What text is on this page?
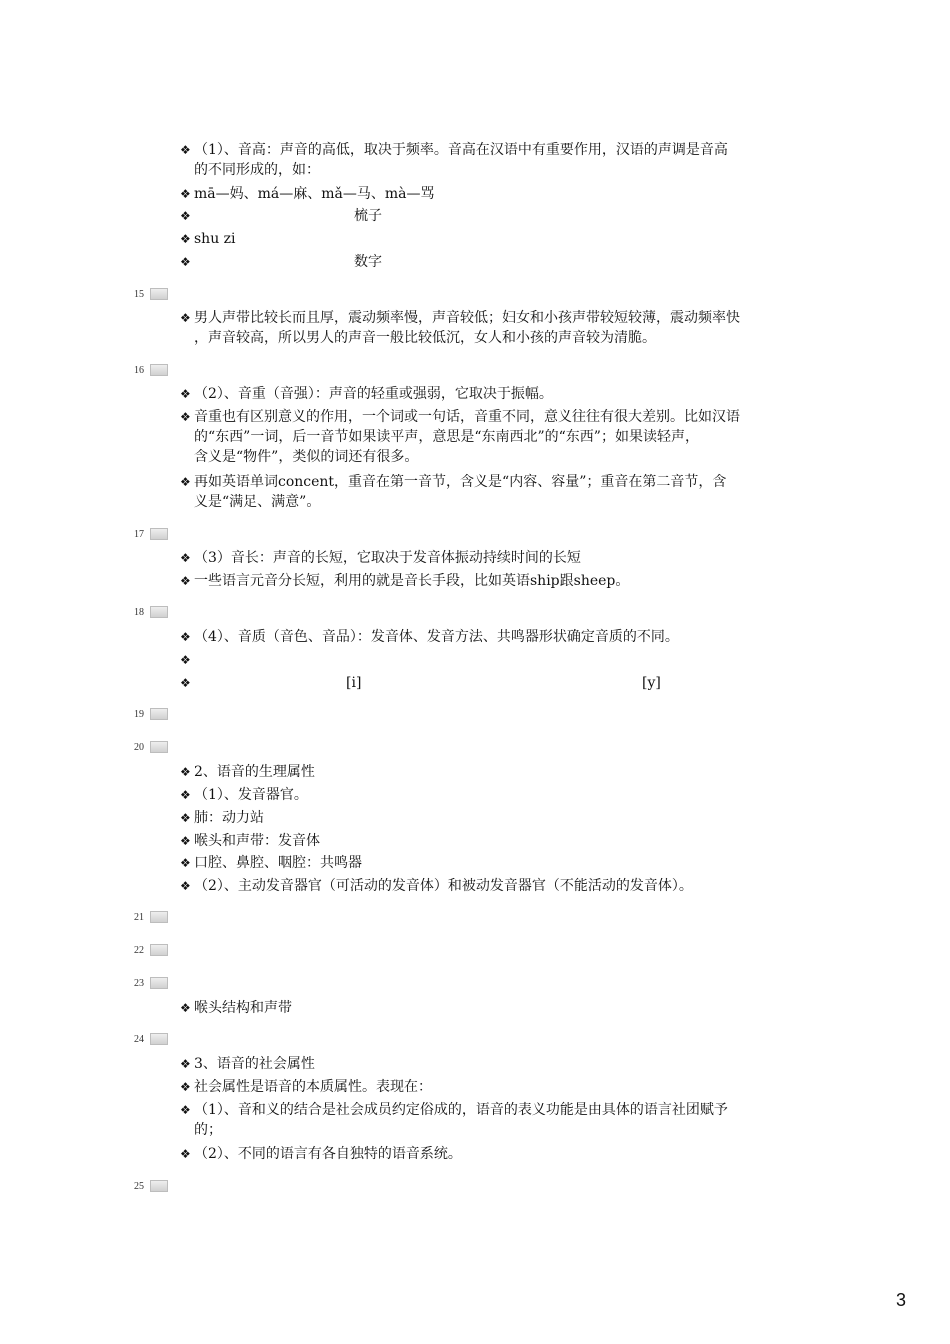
❖ （1）、音高：声音的高低，取决于频率。音高在汉语中有重要作用，汉语的声调是音高
的不同形成的，如：
❖ mā—妈、má—麻、mǎ—马、mà—骂
❖	梳子
❖ shu zi
❖	数字
15
❖ 男人声带比较长而且厚，震动频率慢，声音较低；妇女和小孩声带较短较薄，震动频率快
，声音较高，所以男人的声音一般比较低沉，女人和小孩的声音较为清脆。
16
❖ （2）、音重（音强）：声音的轻重或强弱，它取决于振幅。
❖ 音重也有区别意义的作用，一个词或一句话，音重不同，意义往往有很大差别。比如汉语
的“东西”一词，后一音节如果读平声，意思是“东南西北”的“东西”；如果读轻声，
含义是“物件”，类似的词还有很多。
❖ 再如英语单词concent，重音在第一音节，含义是“内容、容量”；重音在第二音节，含
义是“满足、满意”。
17
❖ （3）音长：声音的长短，它取决于发音体振动持续时间的长短
❖ 一些语言元音分长短，利用的就是音长手段，比如英语ship跟sheep。
18
❖ （4）、音质（音色、音品）：发音体、发音方法、共鸣器形状确定音质的不同。
❖
❖	[i]	[y]
19
20
❖ 2、语音的生理属性
❖ （1）、发音器官。
❖ 肺：动力站
❖ 喉头和声带：发音体
❖ 口腔、鼻腔、咽腔：共鸣器
❖ （2）、主动发音器官（可活动的发音体）和被动发音器官（不能活动的发音体）。
21
22
23
❖ 喉头结构和声带
24
❖ 3、语音的社会属性
❖ 社会属性是语音的本质属性。表现在：
❖ （1）、音和义的结合是社会成员约定俗成的，语音的表义功能是由具体的语言社团赋予
的；
❖ （2）、不同的语言有各自独特的语音系统。
25
3
